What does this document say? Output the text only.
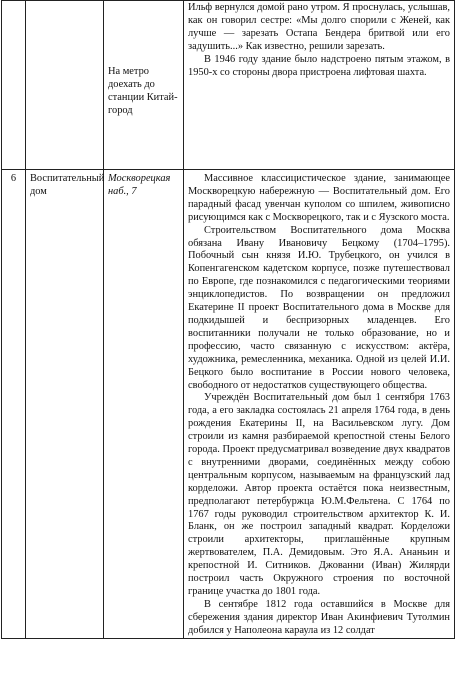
		На метро доехать до станции Китай-город	Ильф вернулся домой рано утром. Я проснулась, услышав, как он говорил сестре: «Мы долго спорили с Женей, как лучше — зарезать Остапа Бендера бритвой или его задушить...» Как известно, решили зарезать.

В 1946 году здание было надстроено пятым этажом, в 1950-х со стороны двора пристроена лифтовая шахта.

6	Воспитательный дом	Москворецкая наб., 7	Массивное классицистическое здание, занимающее Москворецкую набережную — Воспитательный дом. Его парадный фасад увенчан куполом со шпилем, живописно рисующимся как с Москворецкого, так и с Яузского моста.

Строительством Воспитательного дома Москва обязана Ивану Ивановичу Бецкому (1704–1795). Побочный сын князя И.Ю. Трубецкого, он учился в Копенгагенском кадетском корпусе, позже путешествовал по Европе, где познакомился с педагогическими теориями энциклопедистов. По возвращении он предложил Екатерине II проект Воспитательного дома в Москве для подкидышей и беспризорных младенцев. Его воспитанники получали не только образование, но и профессию, часто связанную с искусством: актёра, художника, ремесленника, механика. Одной из целей И.И. Бецкого было воспитание в России нового человека, свободного от недостатков существующего общества.

Учреждён Воспитательный дом был 1 сентября 1763 года, а его закладка состоялась 21 апреля 1764 года, в день рождения Екатерины II, на Васильевском лугу. Дом строили из камня разбираемой крепостной стены Белого города. Проект предусматривал возведение двух квадратов с внутренними дворами, соединённых между собою центральным корпусом, называемым на французский лад корделожи. Автор проекта остаётся пока неизвестным, предполагают петербуржца Ю.М.Фельтена. С 1764 по 1767 годы руководил строительством архитектор К. И. Бланк, он же построил западный квадрат. Корделожи строили архитекторы, приглашённые крупным жертвователем, П.А. Демидовым. Это Я.А. Ананьин и крепостной И. Ситников. Джованни (Иван) Жилярди построил часть Окружного строения по восточной границе участка до 1801 года.

В сентябре 1812 года оставшийся в Москве для сбережения здания директор Иван Акинфиевич Тутолмин добился у Наполеона караула из 12 солдат
